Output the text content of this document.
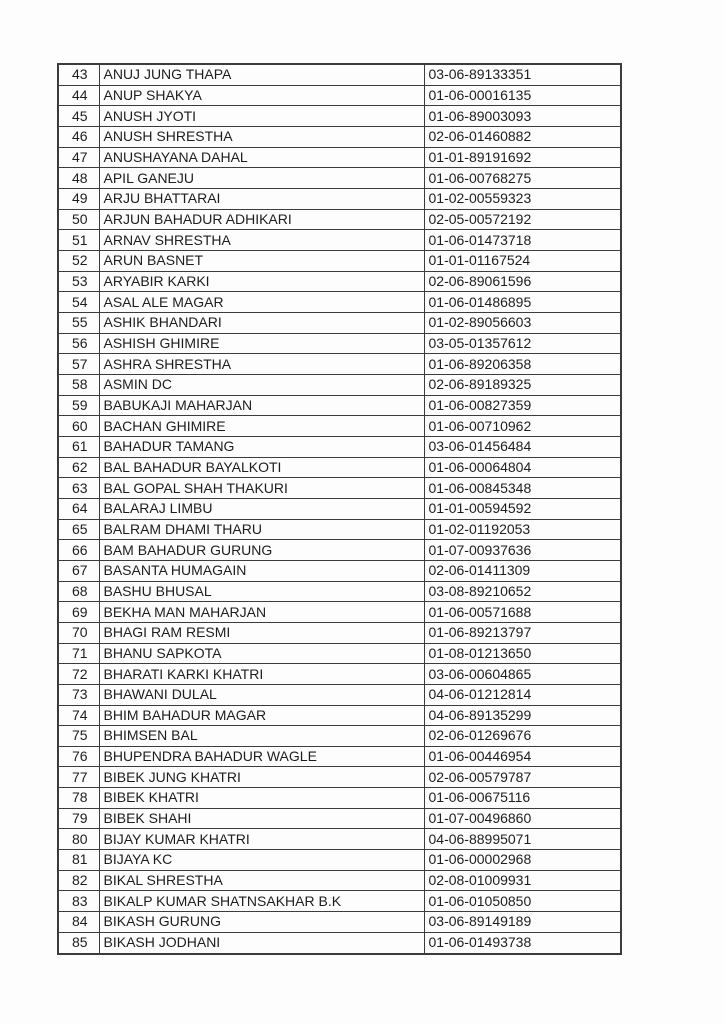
43	ANUJ JUNG THAPA	03-06-89133351
44	ANUP SHAKYA	01-06-00016135
45	ANUSH JYOTI	01-06-89003093
46	ANUSH SHRESTHA	02-06-01460882
47	ANUSHAYANA DAHAL	01-01-89191692
48	APIL GANEJU	01-06-00768275
49	ARJU BHATTARAI	01-02-00559323
50	ARJUN BAHADUR ADHIKARI	02-05-00572192
51	ARNAV SHRESTHA	01-06-01473718
52	ARUN BASNET	01-01-01167524
53	ARYABIR KARKI	02-06-89061596
54	ASAL ALE MAGAR	01-06-01486895
55	ASHIK BHANDARI	01-02-89056603
56	ASHISH GHIMIRE	03-05-01357612
57	ASHRA SHRESTHA	01-06-89206358
58	ASMIN DC	02-06-89189325
59	BABUKAJI MAHARJAN	01-06-00827359
60	BACHAN GHIMIRE	01-06-00710962
61	BAHADUR TAMANG	03-06-01456484
62	BAL BAHADUR BAYALKOTI	01-06-00064804
63	BAL GOPAL SHAH THAKURI	01-06-00845348
64	BALARAJ LIMBU	01-01-00594592
65	BALRAM DHAMI THARU	01-02-01192053
66	BAM BAHADUR GURUNG	01-07-00937636
67	BASANTA HUMAGAIN	02-06-01411309
68	BASHU BHUSAL	03-08-89210652
69	BEKHA MAN MAHARJAN	01-06-00571688
70	BHAGI RAM RESMI	01-06-89213797
71	BHANU SAPKOTA	01-08-01213650
72	BHARATI KARKI KHATRI	03-06-00604865
73	BHAWANI DULAL	04-06-01212814
74	BHIM BAHADUR MAGAR	04-06-89135299
75	BHIMSEN BAL	02-06-01269676
76	BHUPENDRA BAHADUR WAGLE	01-06-00446954
77	BIBEK JUNG KHATRI	02-06-00579787
78	BIBEK KHATRI	01-06-00675116
79	BIBEK SHAHI	01-07-00496860
80	BIJAY KUMAR KHATRI	04-06-88995071
81	BIJAYA KC	01-06-00002968
82	BIKAL SHRESTHA	02-08-01009931
83	BIKALP KUMAR SHATNSAKHAR B.K	01-06-01050850
84	BIKASH GURUNG	03-06-89149189
85	BIKASH JODHANI	01-06-01493738
